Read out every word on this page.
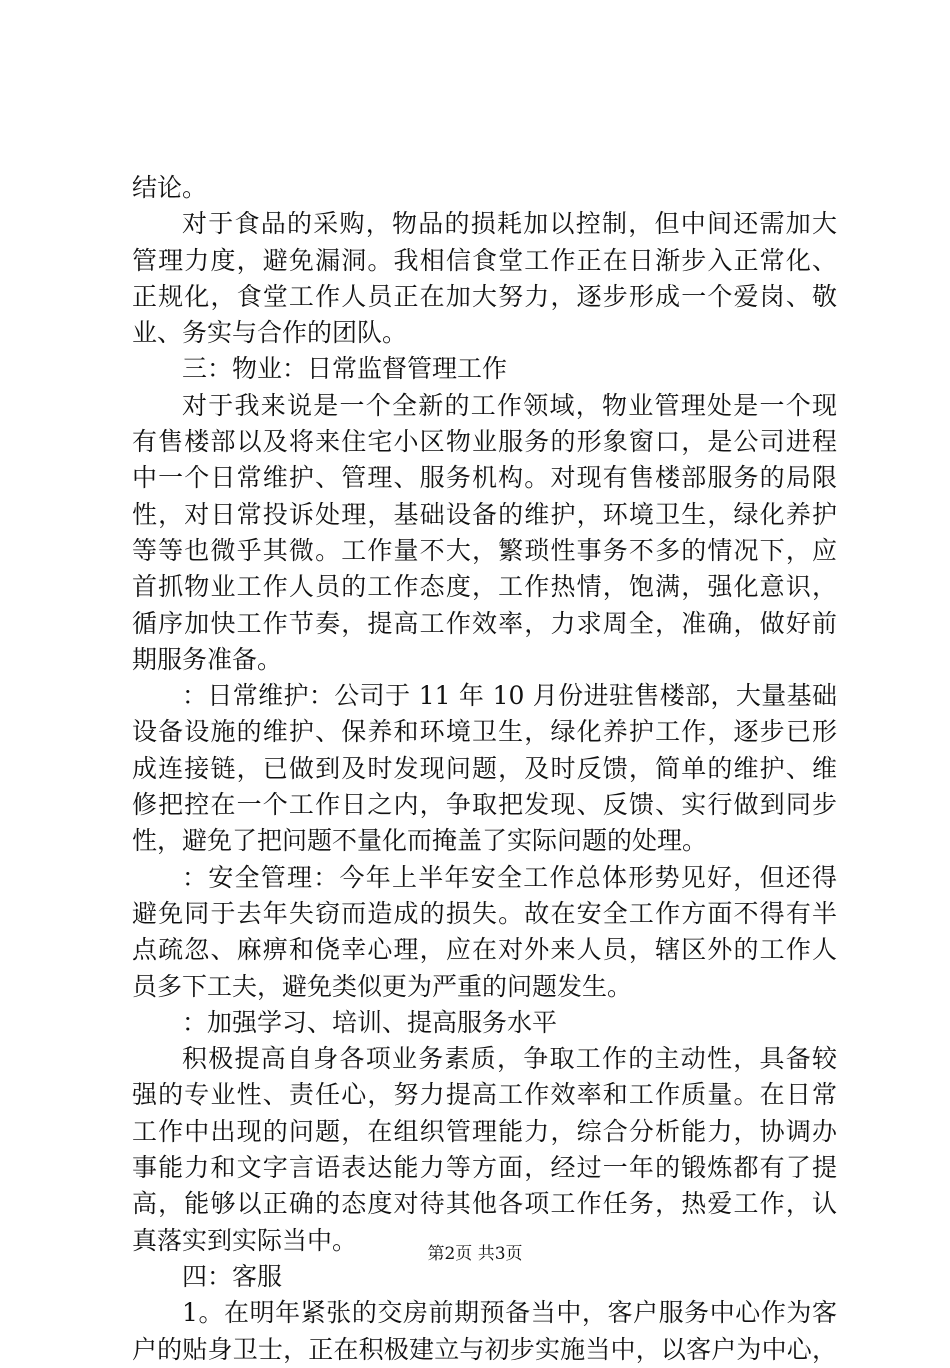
结论。
对于食品的采购，物品的损耗加以控制，但中间还需加大
管理力度，避免漏洞。我相信食堂工作正在日渐步入正常化、
正规化，食堂工作人员正在加大努力，逐步形成一个爱岗、敬
业、务实与合作的团队。
三：物业：日常监督管理工作
对于我来说是一个全新的工作领域，物业管理处是一个现
有售楼部以及将来住宅小区物业服务的形象窗口，是公司进程
中一个日常维护、管理、服务机构。对现有售楼部服务的局限
性，对日常投诉处理，基础设备的维护，环境卫生，绿化养护
等等也微乎其微。工作量不大，繁琐性事务不多的情况下，应
首抓物业工作人员的工作态度，工作热情，饱满，强化意识，
循序加快工作节奏，提高工作效率，力求周全，准确，做好前
期服务准备。
：日常维护：公司于 11 年 10 月份进驻售楼部，大量基础
设备设施的维护、保养和环境卫生，绿化养护工作，逐步已形
成连接链，已做到及时发现问题，及时反馈，简单的维护、维
修把控在一个工作日之内，争取把发现、反馈、实行做到同步
性，避免了把问题不量化而掩盖了实际问题的处理。
：安全管理：今年上半年安全工作总体形势见好，但还得
避免同于去年失窃而造成的损失。故在安全工作方面不得有半
点疏忽、麻痹和侥幸心理，应在对外来人员，辖区外的工作人
员多下工夫，避免类似更为严重的问题发生。
：加强学习、培训、提高服务水平
积极提高自身各项业务素质，争取工作的主动性，具备较
强的专业性、责任心，努力提高工作效率和工作质量。在日常
工作中出现的问题，在组织管理能力，综合分析能力，协调办
事能力和文字言语表达能力等方面，经过一年的锻炼都有了提
高，能够以正确的态度对待其他各项工作任务，热爱工作，认
真落实到实际当中。
四：客服
1。在明年紧张的交房前期预备当中，客户服务中心作为客
户的贴身卫士，正在积极建立与初步实施当中，以客户为中心，
第2页 共3页
